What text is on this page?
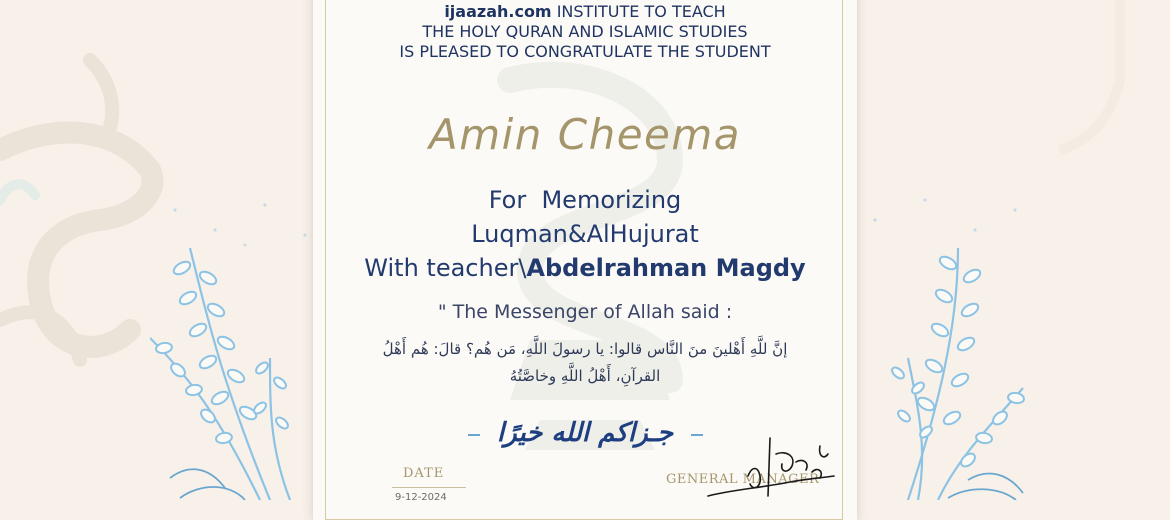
ijaazah.com INSTITUTE TO TEACH
THE HOLY QURAN AND ISLAMIC STUDIES
IS PLEASED TO CONGRATULATE THE STUDENT
Amin Cheema
For  Memorizing
Luqman&AlHujurat
With teacher\Abdelrahman Magdy
" The Messenger of Allah said :
إنَّ للَّهِ أَهْلينَ منَ النَّاس قالوا: يا رسولَ اللَّهِ، مَن هُم؟ قالَ: هُم أَهْلُ
القرآنِ، أَهْلُ اللَّهِ وخاصَّتُهُ
جـزاكم الله خيرًا
DATE
9-12-2024
GENERAL MANAGER
